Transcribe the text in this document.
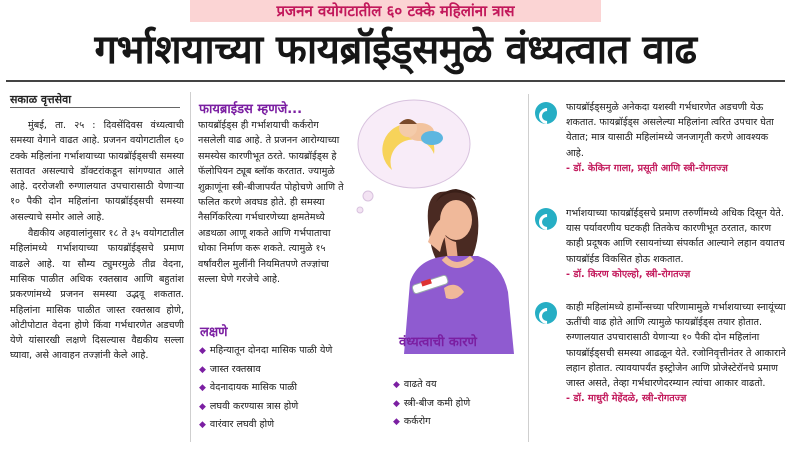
प्रजनन वयोगटातील ६० टक्के महिलांना त्रास
गर्भाशयाच्या फायब्रॉईड्‌समुळे वंध्यत्वात वाढ
सकाळ वृत्तसेवा

मुंबई, ता. २५ : दिवसेंदिवस वंध्यत्वाची समस्या वेगाने वाढत आहे. प्रजनन वयोगटातील ६० टक्के महिलांना गर्भाशयाच्या फायब्रॉईड्सची समस्या सतावत असल्याचे डॉक्टरांकडून सांगण्यात आले आहे. दररोजशी रुग्णालयात उपचारासाठी येणाऱ्या १० पैकी दोन महिलांना फायब्रॉईड्सची समस्या असल्याचे समोर आले आहे.

वैद्यकीय अहवालांनुसार १८ ते ३५ वयोगटातील महिलांमध्ये गर्भाशयाच्या फायब्रॉईड्सचे प्रमाण वाढले आहे. या सौम्य ट्युमरमुळे तीव्र वेदना, मासिक पाळीत अधिक रक्तस्राव आणि बहुतांश प्रकरणांमध्ये प्रजनन समस्या उद्भवू शकतात. महिलांना मासिक पाळीत जास्त रक्तस्राव होणे, ओटीपोटात वेदना होणे किंवा गर्भधारणेत अडचणी येणे यांसारखी लक्षणे दिसल्यास वैद्यकीय सल्ला घ्यावा, असे आवाहन तज्ज्ञांनी केले आहे.

फायब्राईडस म्हणजे...
फायब्रॉईड्स ही गर्भाशयाची कर्करोग नसलेली वाढ आहे. ते प्रजनन आरोग्याच्या समस्येस कारणीभूत ठरते. फायब्रॉईड्स हे फॅलोपियन ट्यूब ब्लॉक करतात. ज्यामुळे शुक्राणूंना स्त्री-बीजापर्यंत पोहोचणे आणि ते फलित करणे अवघड होते. ही समस्या नैसर्गिकरित्या गर्भधारणेच्या क्षमतेमध्ये अडथळा आणू शकते आणि गर्भपाताचा धोका निर्माण करू शकते. त्यामुळे १५ वर्षांवरील मुलींनी नियमितपणे तज्ज्ञांचा सल्ला घेणे गरजेचे आहे.
लक्षणे
◆ महिन्यातून दोनदा मासिक पाळी येणे
◆ जास्त रक्तस्राव
◆ वेदनादायक मासिक पाळी
◆ लघवी करण्यास त्रास होणे
◆ वारंवार लघवी होणे
वंध्यत्वाची कारणे
◆ वाढते वय
◆ स्त्री-बीज कमी होणे
◆ कर्करोग
फायब्रॉईड्समुळे अनेकदा यशस्वी गर्भधारणेत अडचणी येऊ शकतात. फायब्रॉईड्स असलेल्या महिलांना त्वरित उपचार घेता येतात; मात्र यासाठी महिलांमध्ये जनजागृती करणे आवश्यक आहे.
- डॉ. केकिन गाला, प्रसूती आणि स्त्री-रोगतज्ज्ञ
गर्भाशयाच्या फायब्रॉईड्सचे प्रमाण तरुणींमध्ये अधिक दिसून येते. यास पर्यावरणीय घटकही तितकेच कारणीभूत ठरतात, कारण काही प्रदूषक आणि रसायनांच्या संपर्कात आल्याने लहान वयातच फायब्रॉईड विकसित होऊ शकतात.
- डॉ. किरण कोएल्हो, स्त्री-रोगतज्ज्ञ
काही महिलांमध्ये हार्मोन्सच्या परिणामामुळे गर्भाशयाच्या स्नायूंच्या ऊतींची वाढ होते आणि त्यामुळे फायब्रॉईड्स तयार होतात. रुग्णालयात उपचारासाठी येणाऱ्या १० पैकी दोन महिलांना फायब्रॉईड्सची समस्या आढळून येते. रजोनिवृत्तीनंतर ते आकाराने लहान होतात. त्यावयापर्यंत इस्ट्रोजेन आणि प्रोजेस्टेरॉनचे प्रमाण जास्त असते, तेव्हा गर्भधारणेदरम्यान त्यांचा आकार वाढतो.
- डॉ. माधुरी मेहेंदळे, स्त्री-रोगतज्ज्ञ
